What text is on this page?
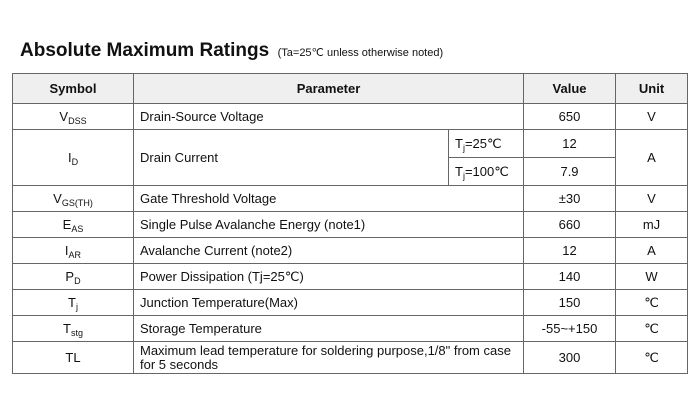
Absolute Maximum Ratings (Ta=25℃ unless otherwise noted)
Symbol	Parameter		Value	Unit
$V_{DSS}$	Drain-Source Voltage		650	V
$I_D$	Drain Current	$T_j=25℃$	12	A
		$T_j=100℃$	7.9	
$V_{GS(TH)}$	Gate Threshold Voltage		±30	V
$E_{AS}$	Single Pulse Avalanche Energy (note1)		660	mJ
$I_{AR}$	Avalanche Current (note2)		12	A
$P_D$	Power Dissipation (Tj=25℃)		140	W
$T_j$	Junction Temperature(Max)		150	℃
$T_{stg}$	Storage Temperature		-55~+150	℃
TL	Maximum lead temperature for soldering purpose,1/8" from case for 5 seconds		300	℃
